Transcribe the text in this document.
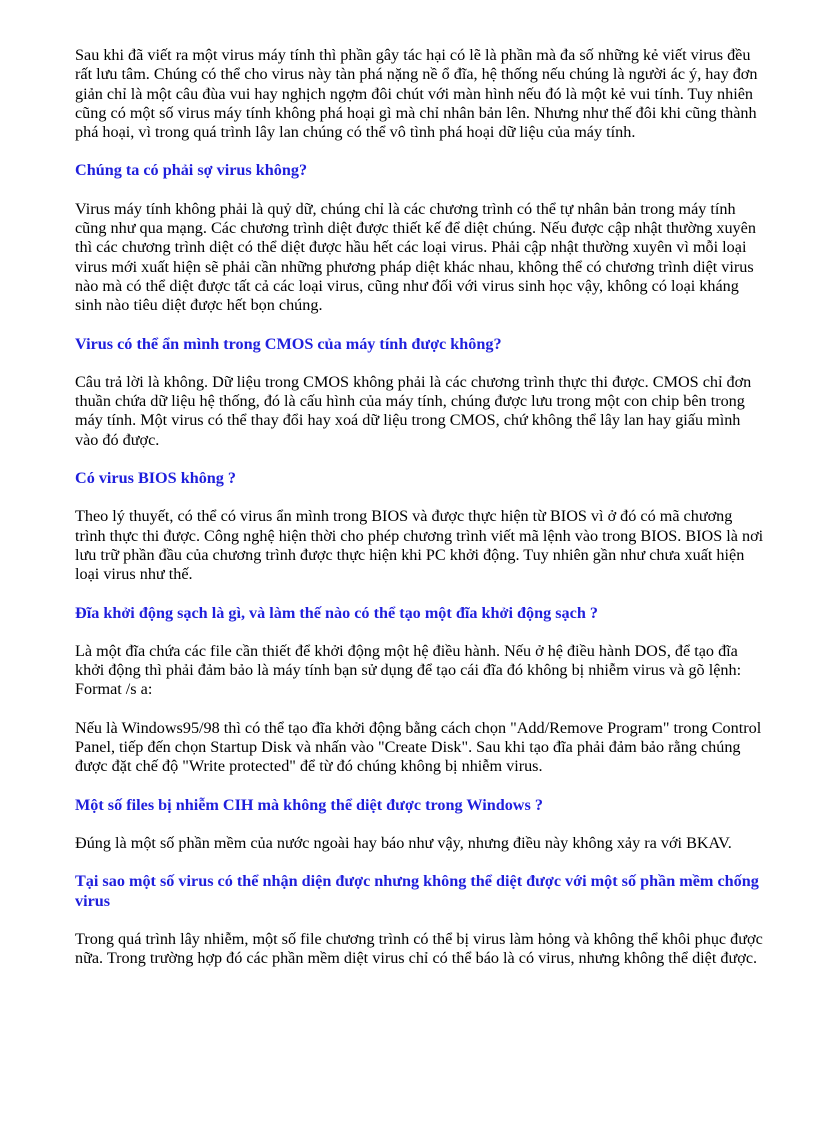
Sau khi đã viết ra một virus máy tính thì phần gây tác hại có lẽ là phần mà đa số những kẻ viết virus đều rất lưu tâm. Chúng có thể cho virus này tàn phá nặng nề ổ đĩa, hệ thống nếu chúng là người ác ý, hay đơn giản chỉ là một câu đùa vui hay nghịch ngợm đôi chút với màn hình nếu đó là một kẻ vui tính. Tuy nhiên cũng có một số virus máy tính không phá hoại gì mà chỉ nhân bản lên. Nhưng như thế đôi khi cũng thành phá hoại, vì trong quá trình lây lan chúng có thể vô tình phá hoại dữ liệu của máy tính.

Chúng ta có phải sợ virus không?

Virus máy tính không phải là quỷ dữ, chúng chỉ là các chương trình có thể tự nhân bản trong máy tính cũng như qua mạng. Các chương trình diệt được thiết kế để diệt chúng. Nếu được cập nhật thường xuyên thì các chương trình diệt có thể diệt được hầu hết các loại virus. Phải cập nhật thường xuyên vì mỗi loại virus mới xuất hiện sẽ phải cần những phương pháp diệt khác nhau, không thể có chương trình diệt virus nào mà có thể diệt được tất cả các loại virus, cũng như đối với virus sinh học vậy, không có loại kháng sinh nào tiêu diệt được hết bọn chúng.

Virus có thể ẩn mình trong CMOS của máy tính được không?

Câu trả lời là không. Dữ liệu trong CMOS không phải là các chương trình thực thi được. CMOS chỉ đơn thuần chứa dữ liệu hệ thống, đó là cấu hình của máy tính, chúng được lưu trong một con chip bên trong máy tính. Một virus có thể thay đổi hay xoá dữ liệu trong CMOS, chứ không thể lây lan hay giấu mình vào đó được.

Có virus BIOS không ?

Theo lý thuyết, có thể có virus ẩn mình trong BIOS và được thực hiện từ BIOS vì ở đó có mã chương trình thực thi được. Công nghệ hiện thời cho phép chương trình viết mã lệnh vào trong BIOS. BIOS là nơi lưu trữ phần đầu của chương trình được thực hiện khi PC khởi động. Tuy nhiên gần như chưa xuất hiện loại virus như thế.

Đĩa khởi động sạch là gì, và làm thế nào có thể tạo một đĩa khởi động sạch ?

Là một đĩa chứa các file cần thiết để khởi động một hệ điều hành. Nếu ở hệ điều hành DOS, để tạo đĩa khởi động thì phải đảm bảo là máy tính bạn sử dụng để tạo cái đĩa đó không bị nhiễm virus và gõ lệnh: Format /s a:

Nếu là Windows95/98 thì có thể tạo đĩa khởi động bằng cách chọn "Add/Remove Program" trong Control Panel, tiếp đến chọn Startup Disk và nhấn vào "Create Disk". Sau khi tạo đĩa phải đảm bảo rằng chúng được đặt chế độ "Write protected" để từ đó chúng không bị nhiễm virus.

Một số files bị nhiễm CIH mà không thể diệt được trong Windows ?

Đúng là một số phần mềm của nước ngoài hay báo như vậy, nhưng điều này không xảy ra với BKAV.

Tại sao một số virus có thể nhận diện được nhưng không thể diệt được với một số phần mềm chống virus

Trong quá trình lây nhiễm, một số file chương trình có thể bị virus làm hỏng và không thể khôi phục được nữa. Trong trường hợp đó các phần mềm diệt virus chỉ có thể báo là có virus, nhưng không thể diệt được.
